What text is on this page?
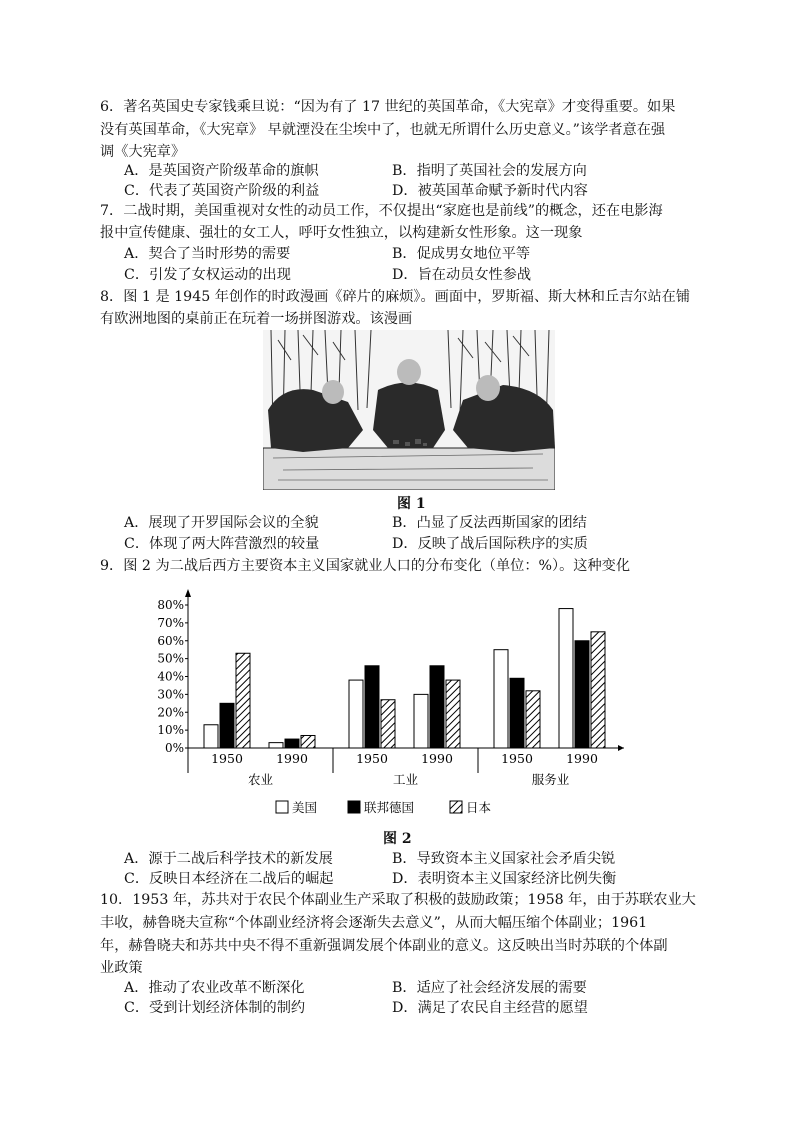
6．著名英国史专家钱乘旦说：“因为有了 17 世纪的英国革命，《大宪章》才变得重要。如果
没有英国革命，《大宪章》 早就湮没在尘埃中了，也就无所谓什么历史意义。”该学者意在强
调《大宪章》
A．是英国资产阶级革命的旗帜	B．指明了英国社会的发展方向
C．代表了英国资产阶级的利益	D．被英国革命赋予新时代内容
7．二战时期，美国重视对女性的动员工作，不仅提出“家庭也是前线”的概念，还在电影海
报中宣传健康、强壮的女工人，呼吁女性独立，以构建新女性形象。这一现象
A．契合了当时形势的需要	B．促成男女地位平等
C．引发了女权运动的出现	D．旨在动员女性参战
8．图 1 是 1945 年创作的时政漫画《碎片的麻烦》。画面中，罗斯福、斯大林和丘吉尔站在铺
有欧洲地图的桌前正在玩着一场拼图游戏。该漫画
图 1
A．展现了开罗国际会议的全貌	B．凸显了反法西斯国家的团结
C．体现了两大阵营激烈的较量	D．反映了战后国际秩序的实质
9．图 2 为二战后西方主要资本主义国家就业人口的分布变化（单位：%）。这种变化
0%
10%
20%
30%
40%
50%
60%
70%
80%
1950	1990
农业
1950	1990
工业
1950	1990
服务业
美国	联邦德国	日本
图 2
A．源于二战后科学技术的新发展	B．导致资本主义国家社会矛盾尖锐
C．反映日本经济在二战后的崛起	D．表明资本主义国家经济比例失衡
10．1953 年，苏共对于农民个体副业生产采取了积极的鼓励政策；1958 年，由于苏联农业大
丰收，赫鲁晓夫宣称“个体副业经济将会逐渐失去意义”，从而大幅压缩个体副业；1961
年，赫鲁晓夫和苏共中央不得不重新强调发展个体副业的意义。这反映出当时苏联的个体副
业政策
A．推动了农业改革不断深化	B．适应了社会经济发展的需要
C．受到计划经济体制的制约	D．满足了农民自主经营的愿望
